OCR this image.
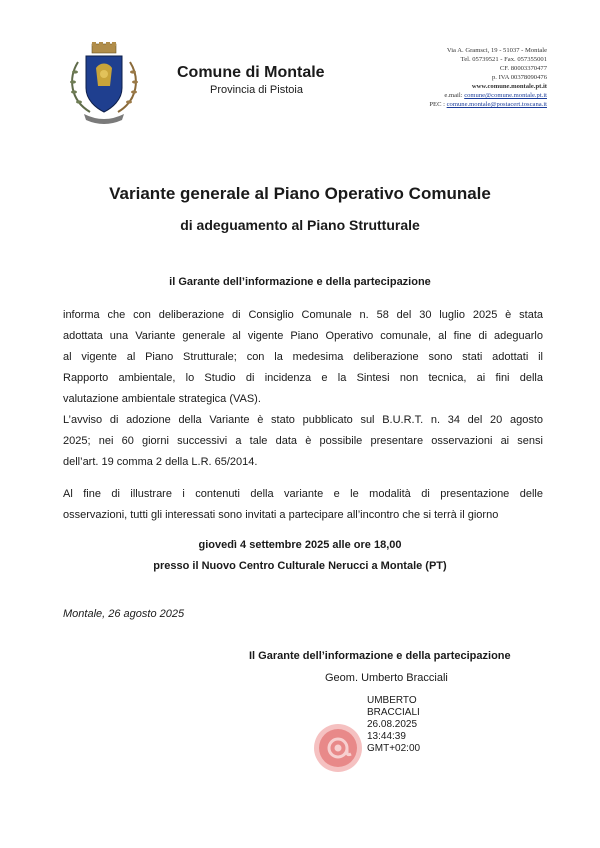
Comune di Montale
Provincia di Pistoia
Via A. Gramsci, 19 - 51037 - Montale
Tel. 05739521 - Fax. 057355001
CF. 80003370477
p. IVA 00378090476
www.comune.montale.pt.it
e.mail: comune@comune.montale.pt.it
PEC : comune.montale@postacert.toscana.it
Variante generale al Piano Operativo Comunale
di adeguamento al Piano Strutturale
il Garante dell’informazione e della partecipazione
informa che con deliberazione di Consiglio Comunale n. 58 del 30 luglio 2025 è stata
adottata una Variante generale al vigente Piano Operativo comunale, al fine di adeguarlo
al vigente al Piano Strutturale; con la medesima deliberazione sono stati adottati il
Rapporto ambientale, lo Studio di incidenza e la Sintesi non tecnica, ai fini della
valutazione ambientale strategica (VAS).
L’avviso di adozione della Variante è stato pubblicato sul B.U.R.T. n. 34 del 20 agosto
2025; nei 60 giorni successivi a tale data è possibile presentare osservazioni ai sensi
dell’art. 19 comma 2 della L.R. 65/2014.
Al fine di illustrare i contenuti della variante e le modalità di presentazione delle
osservazioni, tutti gli interessati sono invitati a partecipare all’incontro che si terrà il giorno
giovedì 4 settembre 2025 alle ore 18,00
presso il Nuovo Centro Culturale Nerucci a Montale (PT)
Montale, 26 agosto 2025
Il Garante dell’informazione e della partecipazione
Geom. Umberto Bracciali
UMBERTO
BRACCIALI
26.08.2025
13:44:39
GMT+02:00
